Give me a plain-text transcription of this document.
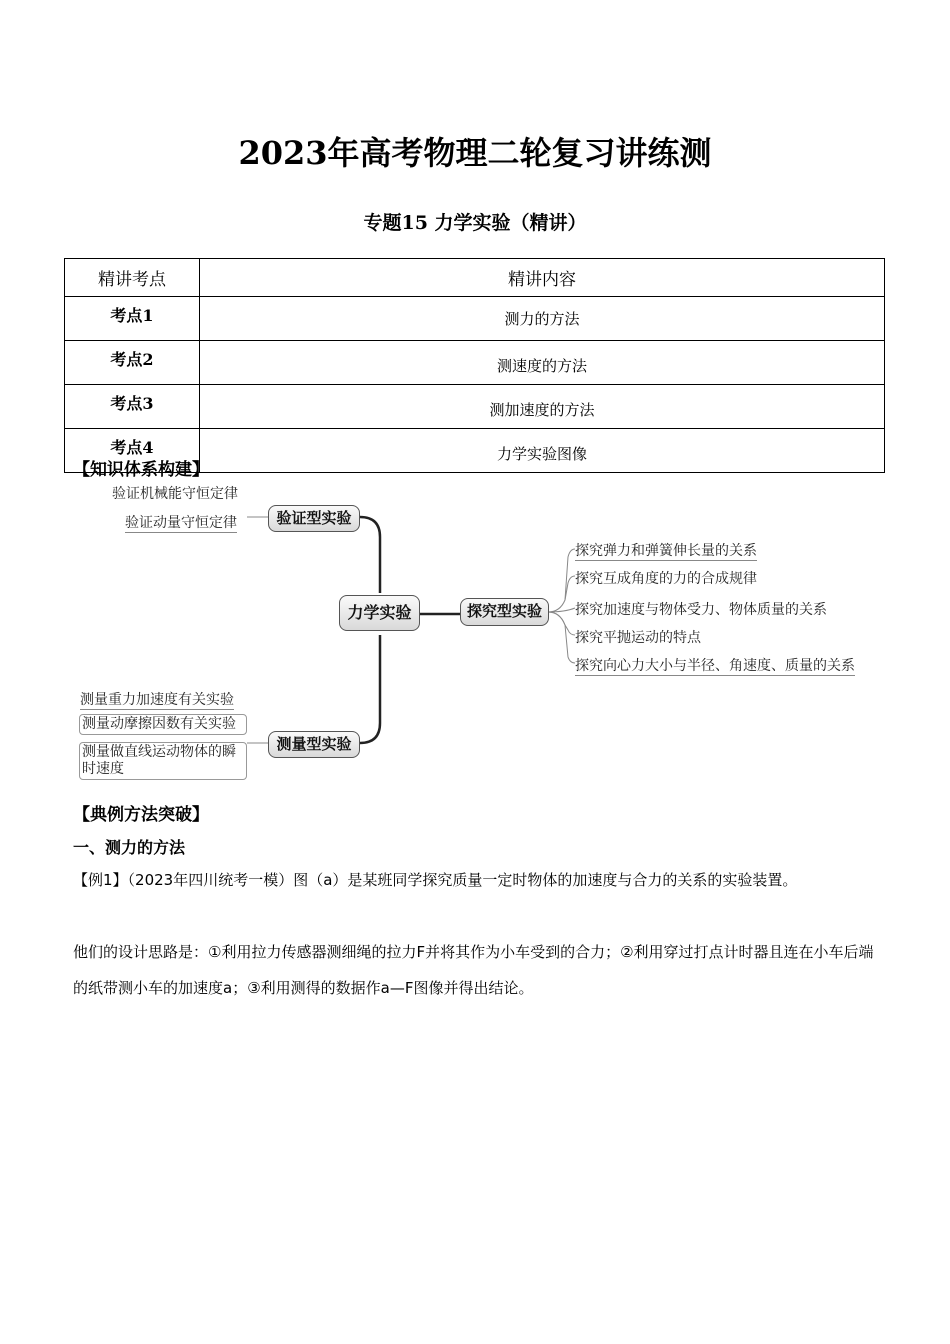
2023年高考物理二轮复习讲练测
专题15 力学实验（精讲）
精讲考点	精讲内容
考点1	测力的方法
考点2	测速度的方法
考点3	测加速度的方法
考点4	力学实验图像
【知识体系构建】
力学实验
验证型实验
探究型实验
测量型实验
验证机械能守恒定律
验证动量守恒定律
探究弹力和弹簧伸长量的关系
探究互成角度的力的合成规律
探究加速度与物体受力、物体质量的关系
探究平抛运动的特点
探究向心力大小与半径、角速度、质量的关系
测量重力加速度有关实验
测量动摩擦因数有关实验
测量做直线运动物体的瞬时速度
【典例方法突破】
一、测力的方法
【例1】（2023年四川统考一模）图（a）是某班同学探究质量一定时物体的加速度与合力的关系的实验装置。
他们的设计思路是：①利用拉力传感器测细绳的拉力F并将其作为小车受到的合力；②利用穿过打点计时器且连在小车后端的纸带测小车的加速度a；③利用测得的数据作a—F图像并得出结论。
